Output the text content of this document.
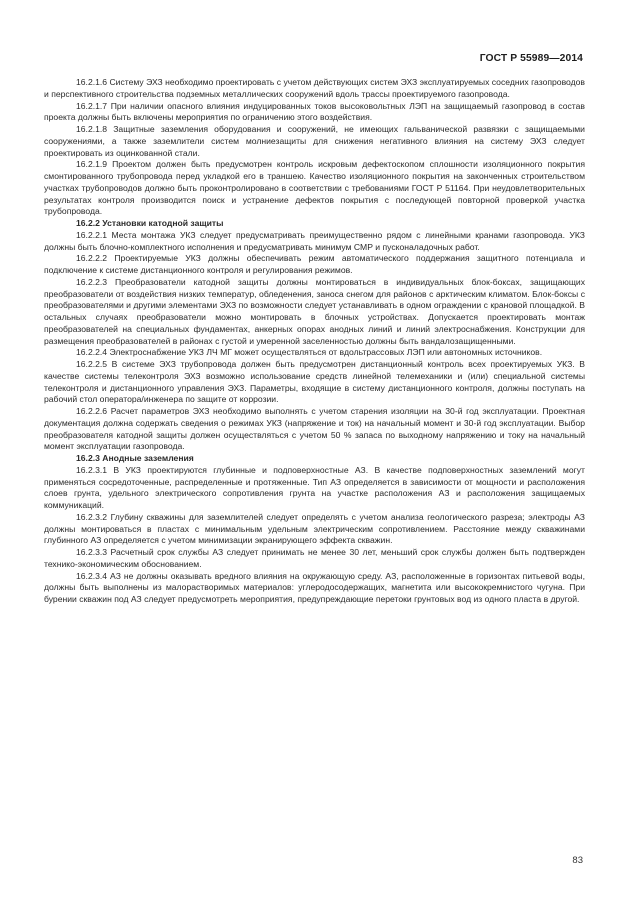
ГОСТ Р 55989—2014

16.2.1.6 Систему ЭХЗ необходимо проектировать с учетом действующих систем ЭХЗ эксплуатируемых соседних газопроводов и перспективного строительства подземных металлических сооружений вдоль трассы проектируемого газопровода.

16.2.1.7 При наличии опасного влияния индуцированных токов высоковольтных ЛЭП на защищаемый газопровод в состав проекта должны быть включены мероприятия по ограничению этого воздействия.

16.2.1.8 Защитные заземления оборудования и сооружений, не имеющих гальванической развязки с защищаемыми сооружениями, а также заземлители систем молниезащиты для снижения негативного влияния на систему ЭХЗ следует проектировать из оцинкованной стали.

16.2.1.9 Проектом должен быть предусмотрен контроль искровым дефектоскопом сплошности изоляционного покрытия смонтированного трубопровода перед укладкой его в траншею. Качество изоляционного покрытия на законченных строительством участках трубопроводов должно быть проконтролировано в соответствии с требованиями ГОСТ Р 51164. При неудовлетворительных результатах контроля производится поиск и устранение дефектов покрытия с последующей повторной проверкой участка трубопровода.

16.2.2 Установки катодной защиты

16.2.2.1 Места монтажа УКЗ следует предусматривать преимущественно рядом с линейными кранами газопровода. УКЗ должны быть блочно-комплектного исполнения и предусматривать минимум СМР и пусконаладочных работ.

16.2.2.2 Проектируемые УКЗ должны обеспечивать режим автоматического поддержания защитного потенциала и подключение к системе дистанционного контроля и регулирования режимов.

16.2.2.3 Преобразователи катодной защиты должны монтироваться в индивидуальных блок-боксах, защищающих преобразователи от воздействия низких температур, обледенения, заноса снегом для районов с арктическим климатом. Блок-боксы с преобразователями и другими элементами ЭХЗ по возможности следует устанавливать в одном ограждении с крановой площадкой. В остальных случаях преобразователи можно монтировать в блочных устройствах. Допускается проектировать монтаж преобразователей на специальных фундаментах, анкерных опорах анодных линий и линий электроснабжения. Конструкции для размещения преобразователей в районах с густой и умеренной заселенностью должны быть вандалозащищенными.

16.2.2.4 Электроснабжение УКЗ ЛЧ МГ может осуществляться от вдольтрассовых ЛЭП или автономных источников.

16.2.2.5 В системе ЭХЗ трубопровода должен быть предусмотрен дистанционный контроль всех проектируемых УКЗ. В качестве системы телеконтроля ЭХЗ возможно использование средств линейной телемеханики и (или) специальной системы телеконтроля и дистанционного управления ЭХЗ. Параметры, входящие в систему дистанционного контроля, должны поступать на рабочий стол оператора/инженера по защите от коррозии.

16.2.2.6 Расчет параметров ЭХЗ необходимо выполнять с учетом старения изоляции на 30-й год эксплуатации. Проектная документация должна содержать сведения о режимах УКЗ (напряжение и ток) на начальный момент и 30-й год эксплуатации. Выбор преобразователя катодной защиты должен осуществляться с учетом 50 % запаса по выходному напряжению и току на начальный момент эксплуатации газопровода.

16.2.3 Анодные заземления

16.2.3.1 В УКЗ проектируются глубинные и подповерхностные АЗ. В качестве подповерхностных заземлений могут применяться сосредоточенные, распределенные и протяженные. Тип АЗ определяется в зависимости от мощности и расположения слоев грунта, удельного электрического сопротивления грунта на участке расположения АЗ и расположения защищаемых коммуникаций.

16.2.3.2 Глубину скважины для заземлителей следует определять с учетом анализа геологического разреза; электроды АЗ должны монтироваться в пластах с минимальным удельным электрическим сопротивлением. Расстояние между скважинами глубинного АЗ определяется с учетом минимизации экранирующего эффекта скважин.

16.2.3.3 Расчетный срок службы АЗ следует принимать не менее 30 лет, меньший срок службы должен быть подтвержден технико-экономическим обоснованием.

16.2.3.4 АЗ не должны оказывать вредного влияния на окружающую среду. АЗ, расположенные в горизонтах питьевой воды, должны быть выполнены из малорастворимых материалов: углеродосодержащих, магнетита или высококремнистого чугуна. При бурении скважин под АЗ следует предусмотреть мероприятия, предупреждающие перетоки грунтовых вод из одного пласта в другой.

83
